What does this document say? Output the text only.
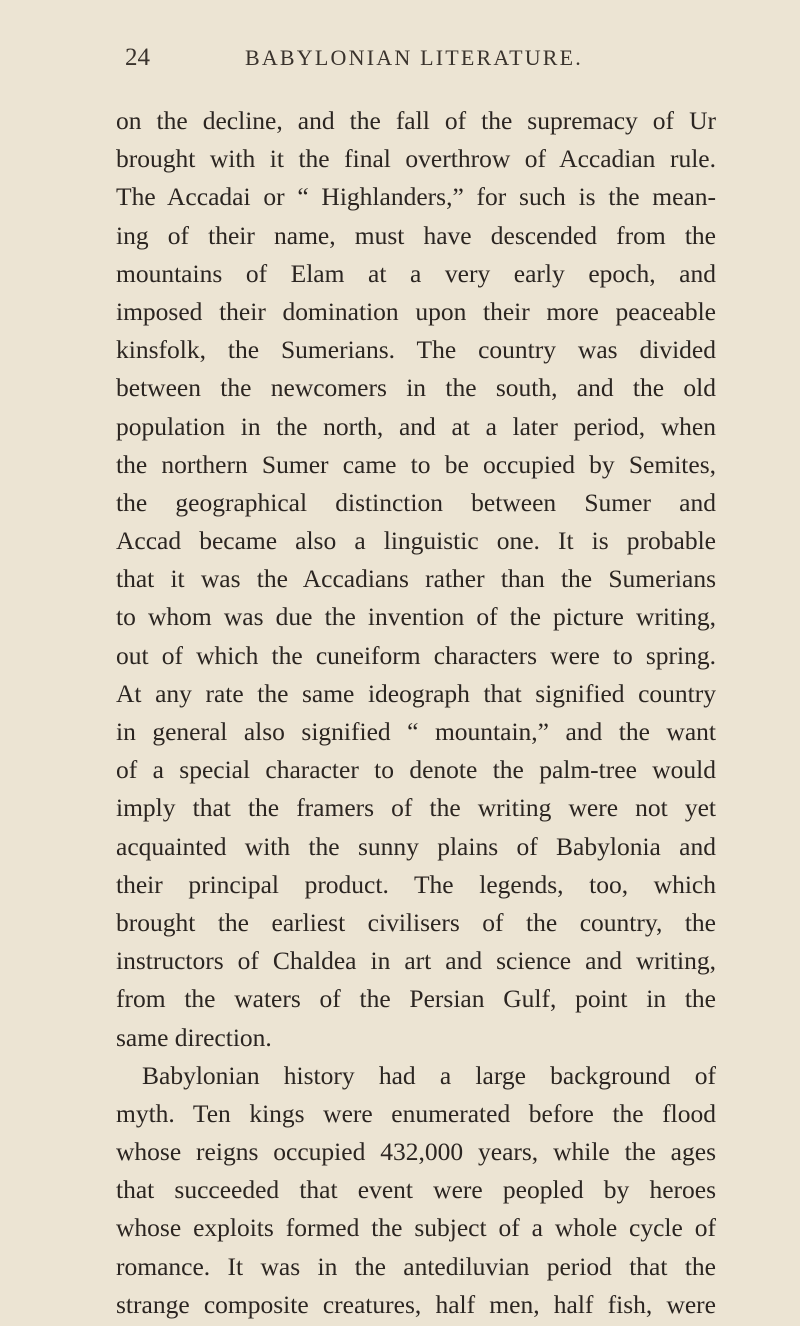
24	BABYLONIAN LITERATURE.
on the decline, and the fall of the supremacy of Ur
brought with it the final overthrow of Accadian rule.
The Accadai or “ Highlanders,” for such is the mean-
ing of their name, must have descended from the
mountains of Elam at a very early epoch, and
imposed their domination upon their more peaceable
kinsfolk, the Sumerians. The country was divided
between the newcomers in the south, and the old
population in the north, and at a later period, when
the northern Sumer came to be occupied by Semites,
the geographical distinction between Sumer and
Accad became also a linguistic one. It is probable
that it was the Accadians rather than the Sumerians
to whom was due the invention of the picture writing,
out of which the cuneiform characters were to spring.
At any rate the same ideograph that signified country
in general also signified “ mountain,” and the want
of a special character to denote the palm-tree would
imply that the framers of the writing were not yet
acquainted with the sunny plains of Babylonia and
their principal product. The legends, too, which
brought the earliest civilisers of the country, the
instructors of Chaldea in art and science and writing,
from the waters of the Persian Gulf, point in the
same direction.
Babylonian history had a large background of
myth. Ten kings were enumerated before the flood
whose reigns occupied 432,000 years, while the ages
that succeeded that event were peopled by heroes
whose exploits formed the subject of a whole cycle of
romance. It was in the antediluvian period that the
strange composite creatures, half men, half fish, were
